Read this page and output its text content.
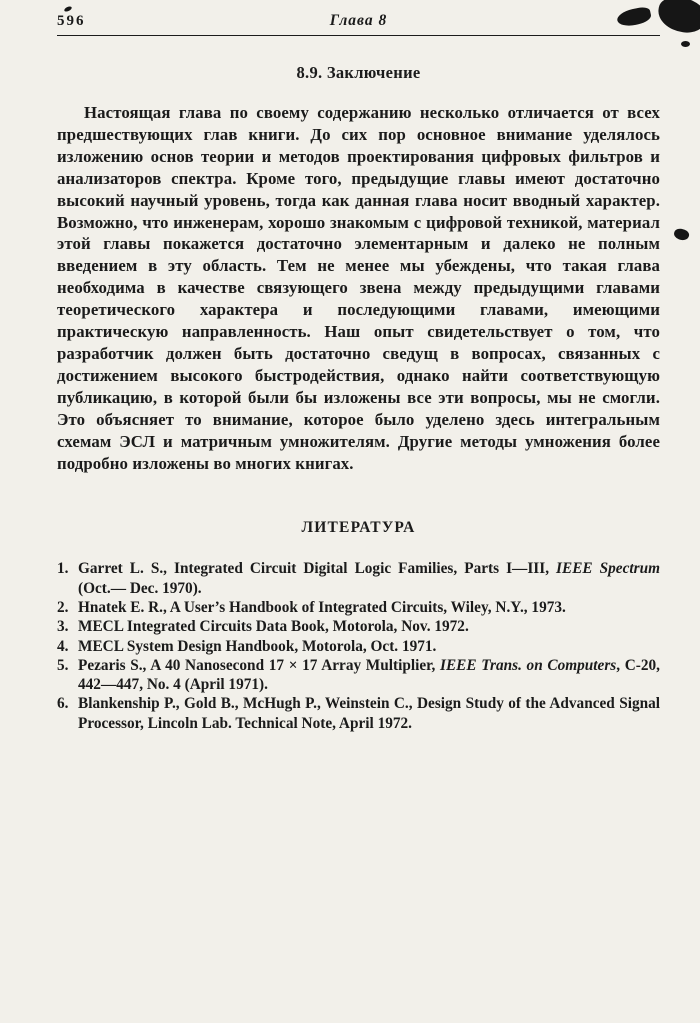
596	Глава 8
8.9. Заключение

Настоящая глава по своему содержанию несколько отличается от всех предшествующих глав книги. До сих пор основное внимание уделялось изложению основ теории и методов проектирования цифровых фильтров и анализаторов спектра. Кроме того, предыдущие главы имеют достаточно высокий научный уровень, тогда как данная глава носит вводный характер. Возможно, что инженерам, хорошо знакомым с цифровой техникой, материал этой главы покажется достаточно элементарным и далеко не полным введением в эту область. Тем не менее мы убеждены, что такая глава необходима в качестве связующего звена между предыдущими главами теоретического характера и последующими главами, имеющими практическую направленность. Наш опыт свидетельствует о том, что разработчик должен быть достаточно сведущ в вопросах, связанных с достижением высокого быстродействия, однако найти соответствующую публикацию, в которой были бы изложены все эти вопросы, мы не смогли. Это объясняет то внимание, которое было уделено здесь интегральным схемам ЭСЛ и матричным умножителям. Другие методы умножения более подробно изложены во многих книгах.

ЛИТЕРАТУРА
1. Garret L. S., Integrated Circuit Digital Logic Families, Parts I—III, IEEE Spectrum (Oct.— Dec. 1970).
2. Hnatek E. R., A User’s Handbook of Integrated Circuits, Wiley, N.Y., 1973.
3. MECL Integrated Circuits Data Book, Motorola, Nov. 1972.
4. MECL System Design Handbook, Motorola, Oct. 1971.
5. Pezaris S., A 40 Nanosecond 17 × 17 Array Multiplier, IEEE Trans. on Computers, C-20, 442—447, No. 4 (April 1971).
6. Blankenship P., Gold B., McHugh P., Weinstein C., Design Study of the Advanced Signal Processor, Lincoln Lab. Technical Note, April 1972.
